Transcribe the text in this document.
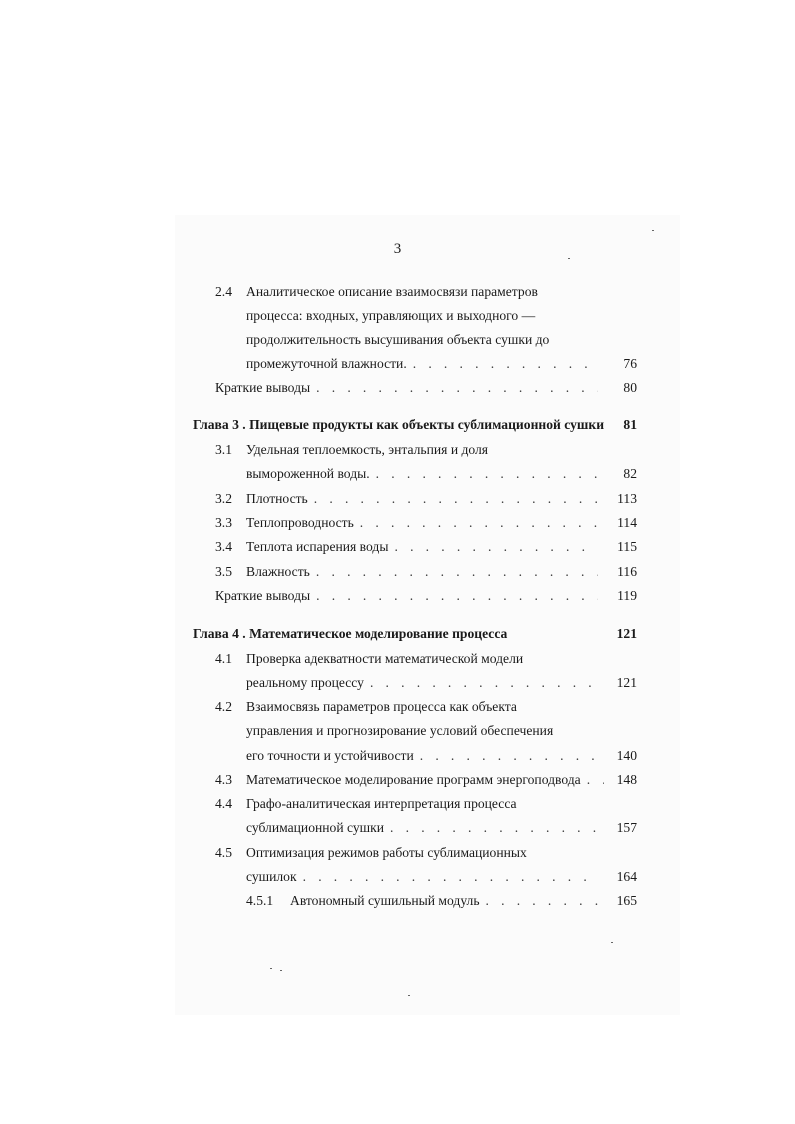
3
2.4 Аналитическое описание взаимосвязи параметров
процесса: входных, управляющих и выходного —
продолжительность высушивания объекта сушки до
промежуточной влажности. . . .	76
Краткие выводы . . .	80
Глава 3 . Пищевые продукты как объекты сублимационной сушки 81
3.1 Удельная теплоемкость, энтальпия и доля
вымороженной воды. . . .	82
3.2 Плотность . . .	113
3.3 Теплопроводность . . .	114
3.4 Теплота испарения воды . . .	115
3.5 Влажность . . .	116
Краткие выводы . . .	119
Глава 4 . Математическое моделирование процесса	121
4.1 Проверка адекватности математической модели
реальному процессу . . .	121
4.2 Взаимосвязь параметров процесса как объекта
управления и прогнозирование условий обеспечения
его точности и устойчивости . . .	140
4.3 Математическое моделирование программ энергоподвода . . .	148
4.4 Графо-аналитическая интерпретация процесса
сублимационной сушки . . .	157
4.5 Оптимизация режимов работы сублимационных
сушилок . . .	164
4.5.1 Автономный сушильный модуль . . .	165
